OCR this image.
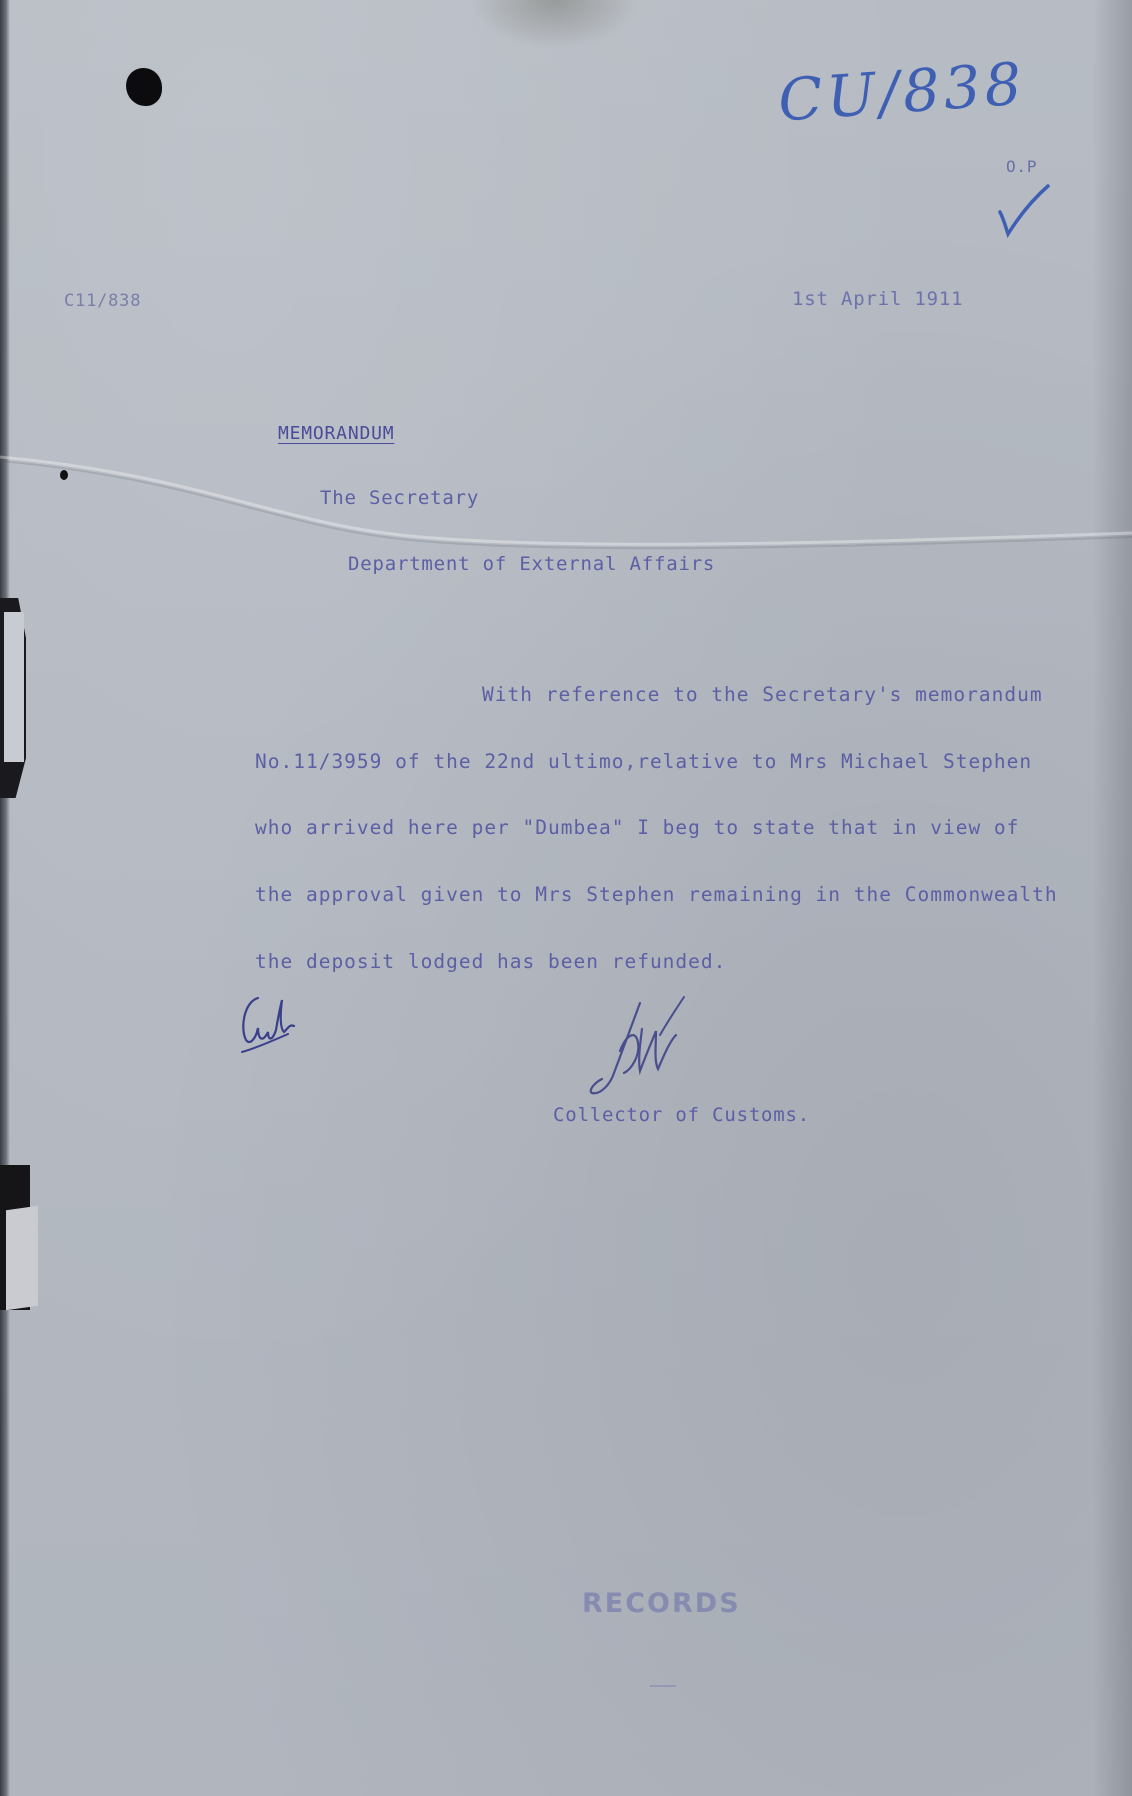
CU/838
O.P
C11/838	1st April 1911
MEMORANDUM
The Secretary
Department of External Affairs
With reference to the Secretary's memorandum
No.11/3959 of the 22nd ultimo,relative to Mrs Michael Stephen
who arrived here per "Dumbea" I beg to state that in view of
the approval given to Mrs Stephen remaining in the Commonwealth
the deposit lodged has been refunded.
Collector of Customs.
RECORDS
